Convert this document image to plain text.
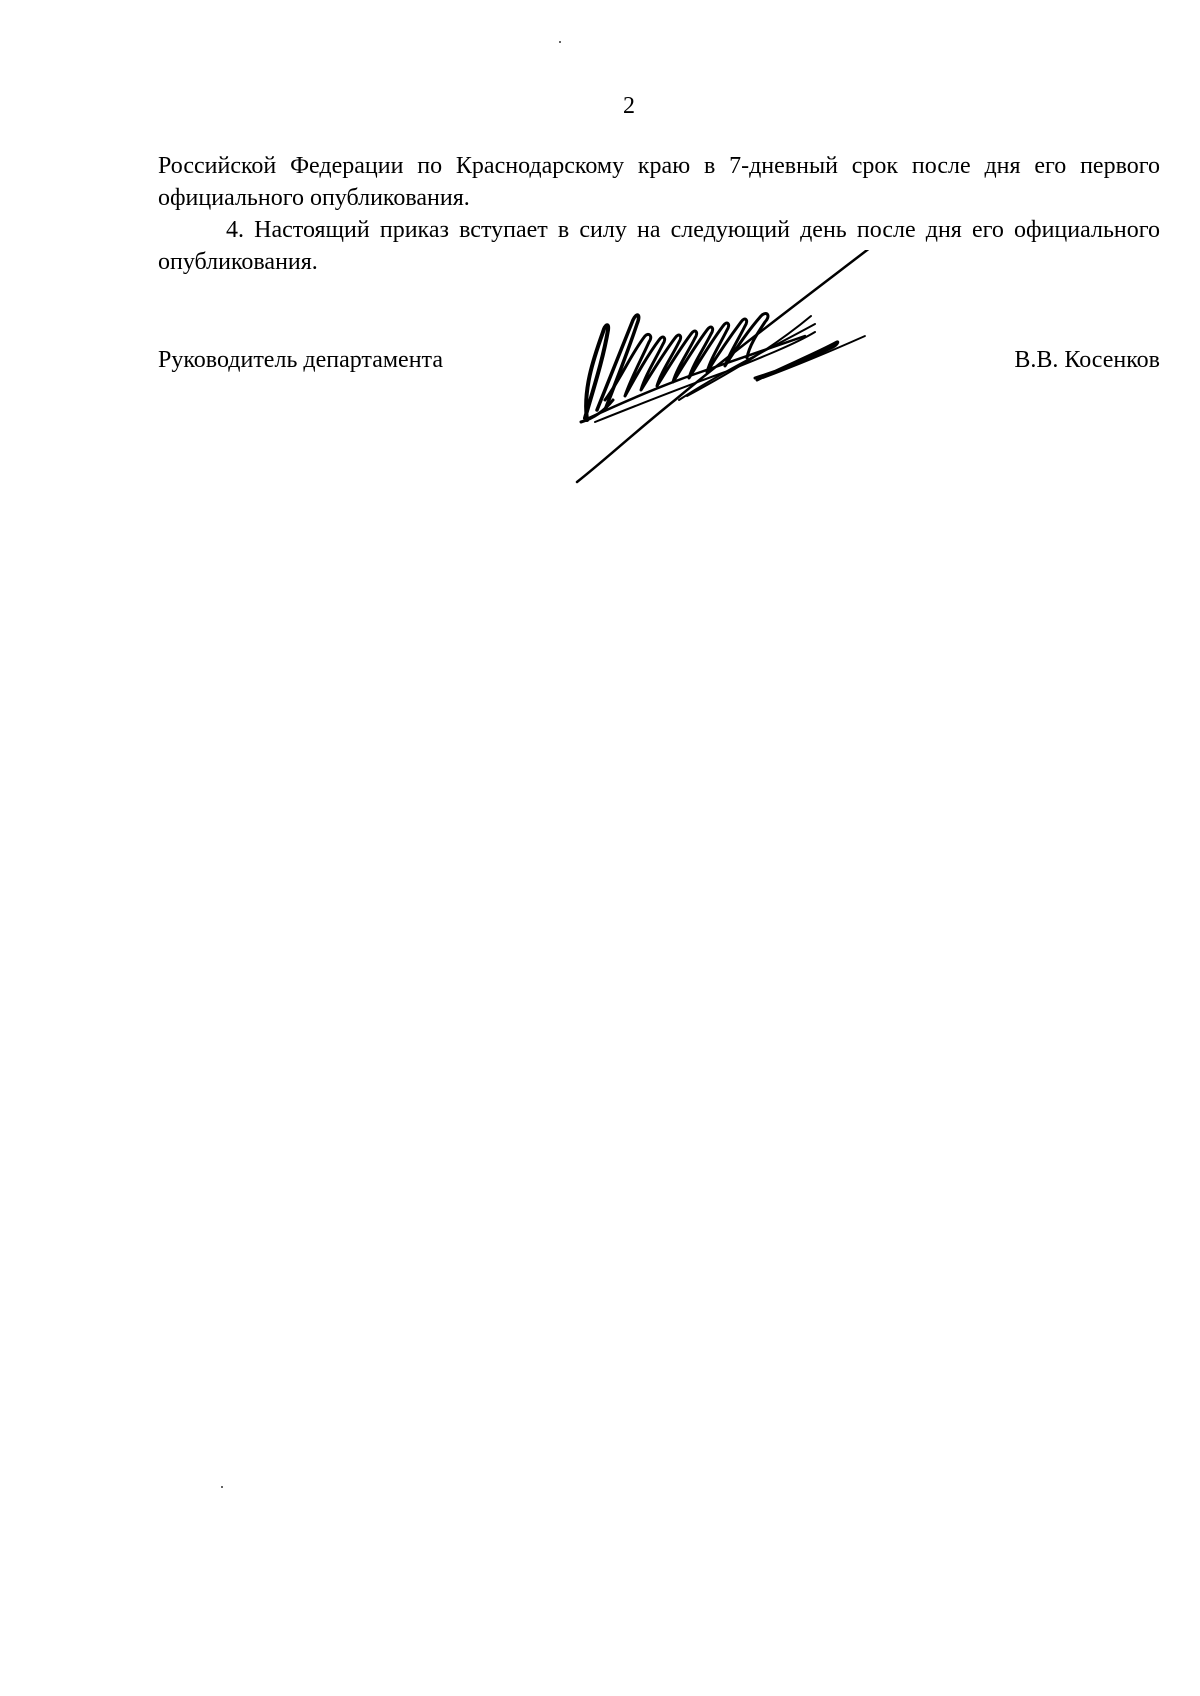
2

Российской Федерации по Краснодарскому краю в 7-дневный срок после дня его первого официального опубликования.

4. Настоящий приказ вступает в силу на следующий день после дня его официального опубликования.

Руководитель департамента	В.В. Косенков
